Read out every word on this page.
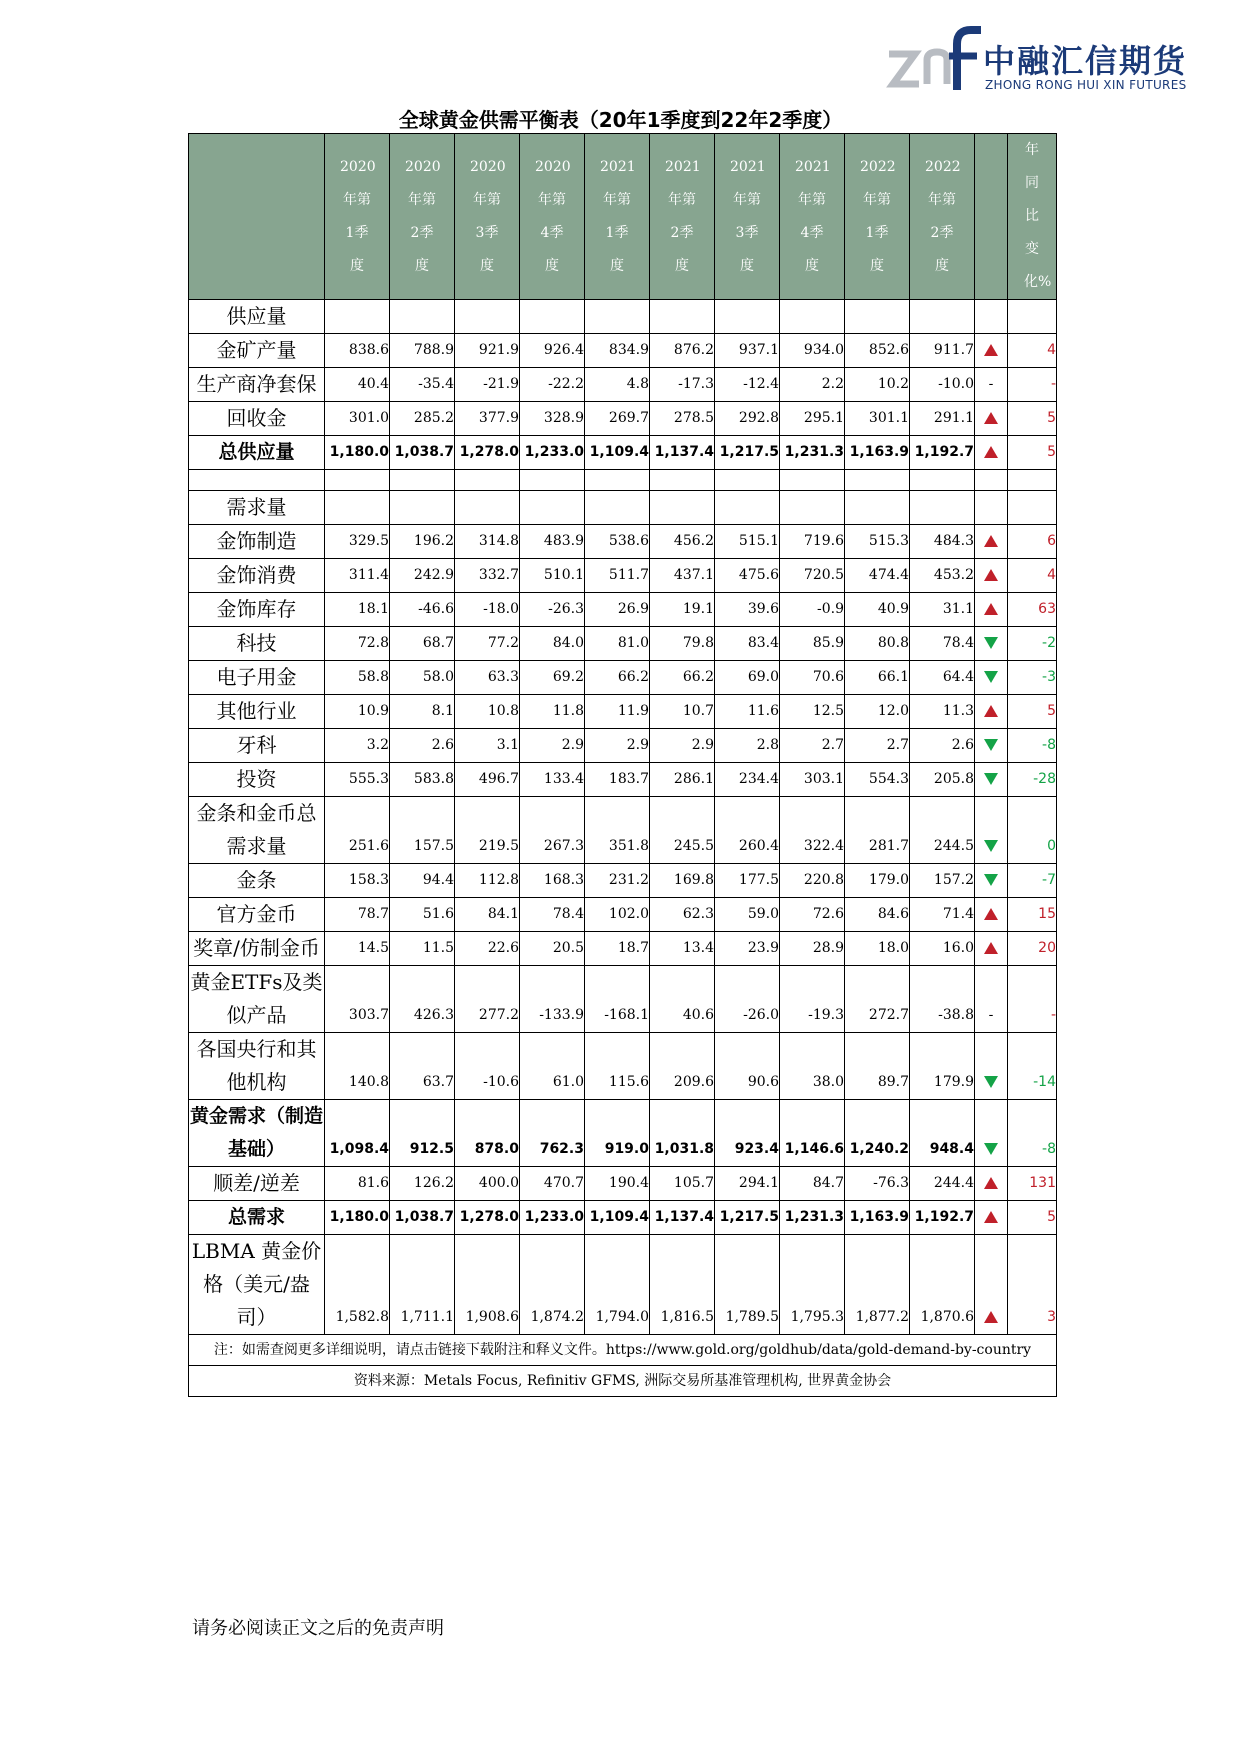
中融汇信期货
ZHONG RONG HUI XIN FUTURES
全球黄金供需平衡表（20年1季度到22年2季度）

	2020年第1季度	2020年第2季度	2020年第3季度	2020年第4季度	2021年第1季度	2021年第2季度	2021年第3季度	2021年第4季度	2022年第1季度	2022年第2季度		年同比变化%

供应量												
金矿产量	838.6	788.9	921.9	926.4	834.9	876.2	937.1	934.0	852.6	911.7		4
生产商净套保	40.4	-35.4	-21.9	-22.2	4.8	-17.3	-12.4	2.2	10.2	-10.0	-	-
回收金	301.0	285.2	377.9	328.9	269.7	278.5	292.8	295.1	301.1	291.1		5
总供应量	1,180.0	1,038.7	1,278.0	1,233.0	1,109.4	1,137.4	1,217.5	1,231.3	1,163.9	1,192.7		5

需求量												
金饰制造	329.5	196.2	314.8	483.9	538.6	456.2	515.1	719.6	515.3	484.3		6
金饰消费	311.4	242.9	332.7	510.1	511.7	437.1	475.6	720.5	474.4	453.2		4
金饰库存	18.1	-46.6	-18.0	-26.3	26.9	19.1	39.6	-0.9	40.9	31.1		63
科技	72.8	68.7	77.2	84.0	81.0	79.8	83.4	85.9	80.8	78.4		-2
电子用金	58.8	58.0	63.3	69.2	66.2	66.2	69.0	70.6	66.1	64.4		-3
其他行业	10.9	8.1	10.8	11.8	11.9	10.7	11.6	12.5	12.0	11.3		5
牙科	3.2	2.6	3.1	2.9	2.9	2.9	2.8	2.7	2.7	2.6		-8
投资	555.3	583.8	496.7	133.4	183.7	286.1	234.4	303.1	554.3	205.8		-28
金条和金币总需求量	251.6	157.5	219.5	267.3	351.8	245.5	260.4	322.4	281.7	244.5		0
金条	158.3	94.4	112.8	168.3	231.2	169.8	177.5	220.8	179.0	157.2		-7
官方金币	78.7	51.6	84.1	78.4	102.0	62.3	59.0	72.6	84.6	71.4		15
奖章/仿制金币	14.5	11.5	22.6	20.5	18.7	13.4	23.9	28.9	18.0	16.0		20
黄金ETFs及类似产品	303.7	426.3	277.2	-133.9	-168.1	40.6	-26.0	-19.3	272.7	-38.8	-	-
各国央行和其他机构	140.8	63.7	-10.6	61.0	115.6	209.6	90.6	38.0	89.7	179.9		-14
黄金需求（制造基础）	1,098.4	912.5	878.0	762.3	919.0	1,031.8	923.4	1,146.6	1,240.2	948.4		-8
顺差/逆差	81.6	126.2	400.0	470.7	190.4	105.7	294.1	84.7	-76.3	244.4		131
总需求	1,180.0	1,038.7	1,278.0	1,233.0	1,109.4	1,137.4	1,217.5	1,231.3	1,163.9	1,192.7		5
LBMA 黄金价格（美元/盎司）	1,582.8	1,711.1	1,908.6	1,874.2	1,794.0	1,816.5	1,789.5	1,795.3	1,877.2	1,870.6		3
注：如需查阅更多详细说明，请点击链接下载附注和释义文件。https://www.gold.org/goldhub/data/gold-demand-by-country												
资料来源：Metals Focus, Refinitiv GFMS, 洲际交易所基准管理机构, 世界黄金协会												
请务必阅读正文之后的免责声明
